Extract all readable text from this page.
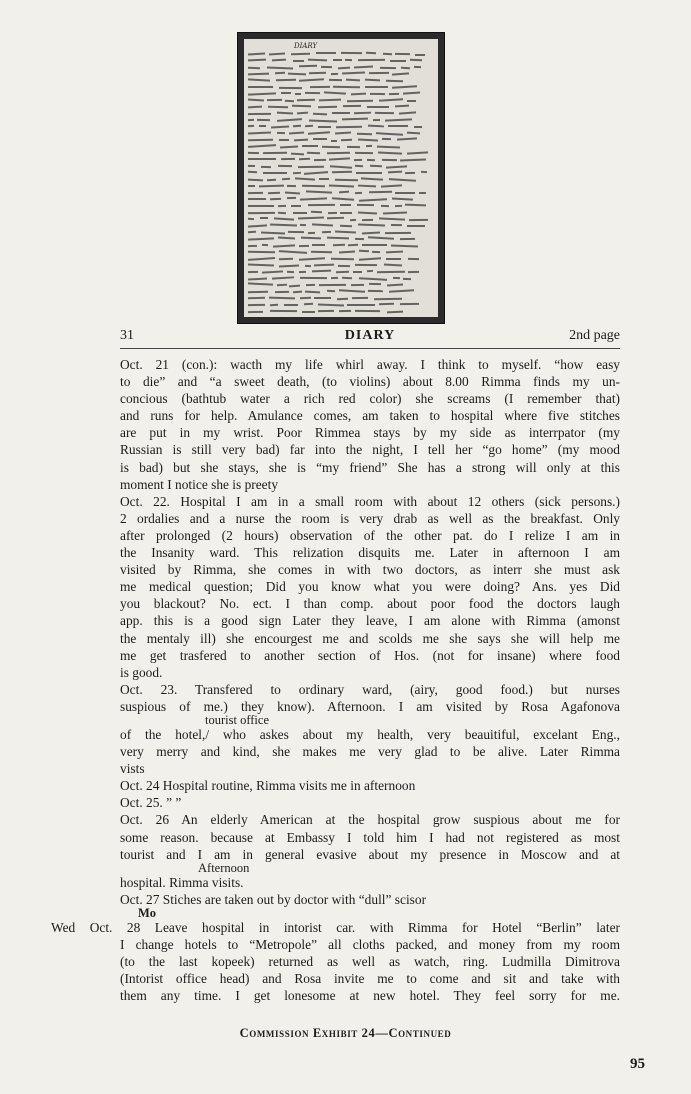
DIARY
31	DIARY	2nd page
Oct. 21 (con.): wacth my life whirl away. I think to myself. “how easy
to die” and “a sweet death, (to violins) about 8.00 Rimma finds my un-
concious (bathtub water a rich red color) she screams (I remember that)
and runs for help. Amulance comes, am taken to hospital where five stitches
are put in my wrist. Poor Rimmea stays by my side as interrpator (my
Russian is still very bad) far into the night, I tell her “go home” (my mood
is bad) but she stays, she is “my friend” She has a strong will only at this
moment I notice she is preety
Oct. 22. Hospital I am in a small room with about 12 others (sick persons.)
2 ordalies and a nurse the room is very drab as well as the breakfast. Only
after prolonged (2 hours) observation of the other pat. do I relize I am in
the Insanity ward. This relization disquits me. Later in afternoon I am
visited by Rimma, she comes in with two doctors, as interr she must ask
me medical question; Did you know what you were doing? Ans. yes Did
you blackout? No. ect. I than comp. about poor food the doctors laugh
app. this is a good sign Later they leave, I am alone with Rimma (amonst
the mentaly ill) she encourgest me and scolds me she says she will help me
me get trasfered to another section of Hos. (not for insane) where food
is good.
Oct. 23. Transfered to ordinary ward, (airy, good food.) but nurses
suspious of me.) they know). Afternoon. I am visited by Rosa Agafonova
tourist office
of the hotel,/ who askes about my health, very beauitiful, excelant Eng.,
very merry and kind, she makes me very glad to be alive. Later Rimma
vists
Oct. 24 Hospital routine, Rimma visits me in afternoon
Oct. 25. ” ”
Oct. 26 An elderly American at the hospital grow suspious about me for
some reason. because at Embassy I told him I had not registered as most
tourist and I am in general evasive about my presence in Moscow and at
Afternoon
hospital. Rimma visits.
Oct. 27 Stiches are taken out by doctor with “dull” scisor
Mo
Wed Oct. 28 Leave hospital in intorist car. with Rimma for Hotel “Berlin” later
I change hotels to “Metropole” all cloths packed, and money from my room
(to the last kopeek) returned as well as watch, ring. Ludmilla Dimitrova
(Intorist office head) and Rosa invite me to come and sit and take with
them any time. I get lonesome at new hotel. They feel sorry for me.
Commission Exhibit 24—Continued
95
